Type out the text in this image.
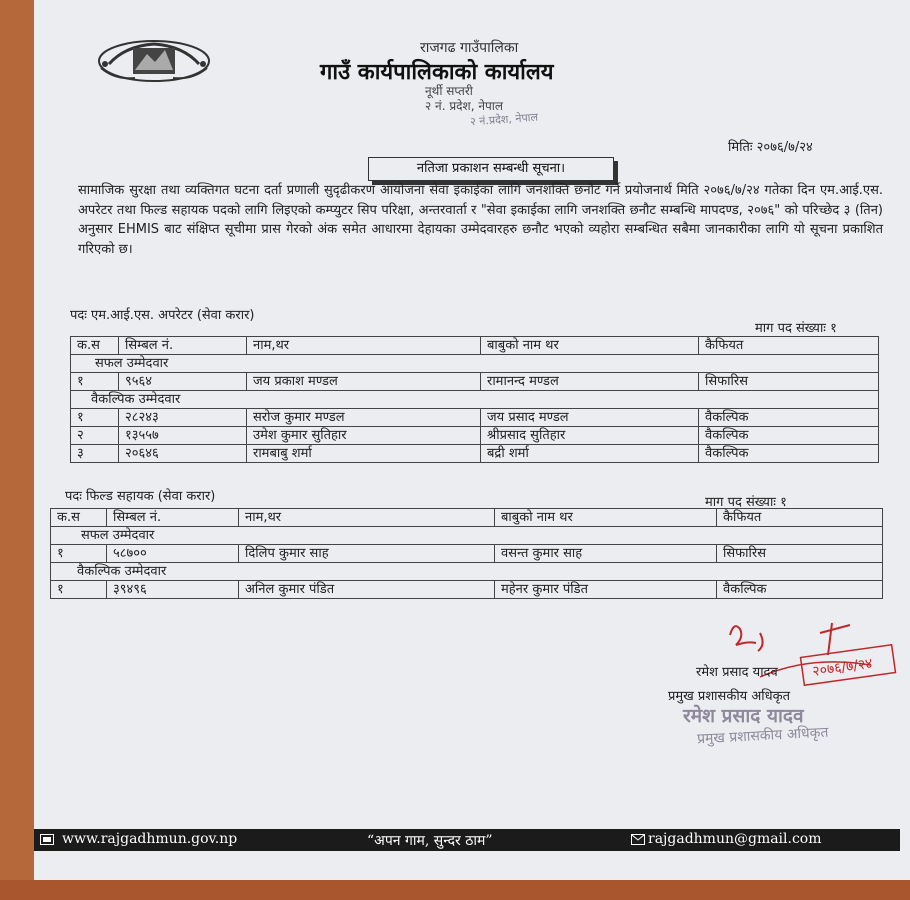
राजगढ गाउँपालिका
गाउँ कार्यपालिकाको कार्यालय
नूर्थी सप्तरी
२ नं. प्रदेश, नेपाल
२ नं.प्रदेश, नेपाल
मितिः २०७६/७/२४
नतिजा प्रकाशन सम्बन्धी सूचना।
सामाजिक सुरक्षा तथा व्यक्तिगत घटना दर्ता प्रणाली सुदृढीकरण आयोजना सेवा इकाईका लागि जनशक्ति छनौट गर्ने प्रयोजनार्थ मिति २०७६/७/२४ गतेका दिन एम.आई.एस. अपरेटर तथा फिल्ड सहायक पदको लागि लिइएको कम्प्युटर सिप परिक्षा, अन्तरवार्ता र "सेवा इकाईका लागि जनशक्ति छनौट सम्बन्धि मापदण्ड, २०७६" को परिच्छेद ३ (तिन) अनुसार EHMIS बाट संक्षिप्त सूचीमा प्रास गेरको अंक समेत आधारमा देहायका उम्मेदवारहरु छनौट भएको व्यहोरा सम्बन्धित सबैमा जानकारीका लागि यो सूचना प्रकाशित गरिएको छ।
पदः एम.आई.एस. अपरेटर (सेवा करार)
माग पद संख्याः १
क.स	सिम्बल नं.	नाम,थर	बाबुको नाम थर	कैफियत
सफल उम्मेदवार				
१	९५६४	जय प्रकाश मण्डल	रामानन्द मण्डल	सिफारिस
वैकल्पिक उम्मेदवार				
१	२८२४३	सरोज कुमार मण्डल	जय प्रसाद मण्डल	वैकल्पिक
२	१३५५७	उमेश कुमार सुतिहार	श्रीप्रसाद सुतिहार	वैकल्पिक
३	२०६४६	रामबाबु शर्मा	बद्री शर्मा	वैकल्पिक
पदः फिल्ड सहायक (सेवा करार)	माग पद संख्याः १
क.स	सिम्बल नं.	नाम,थर	बाबुको नाम थर	कैफियत
सफल उम्मेदवार				
१	५८७००	दिलिप कुमार साह	वसन्त कुमार साह	सिफारिस
वैकल्पिक उम्मेदवार				
१	३९४९६	अनिल कुमार पंडित	महेनर कुमार पंडित	वैकल्पिक
२०७६/७/२४
रमेश प्रसाद यादव
प्रमुख प्रशासकीय अधिकृत
रमेश प्रसाद यादव
प्रमुख प्रशासकीय अधिकृत
www.rajgadhmun.gov.np	“अपन गाम, सुन्दर ठाम”	rajgadhmun@gmail.com
